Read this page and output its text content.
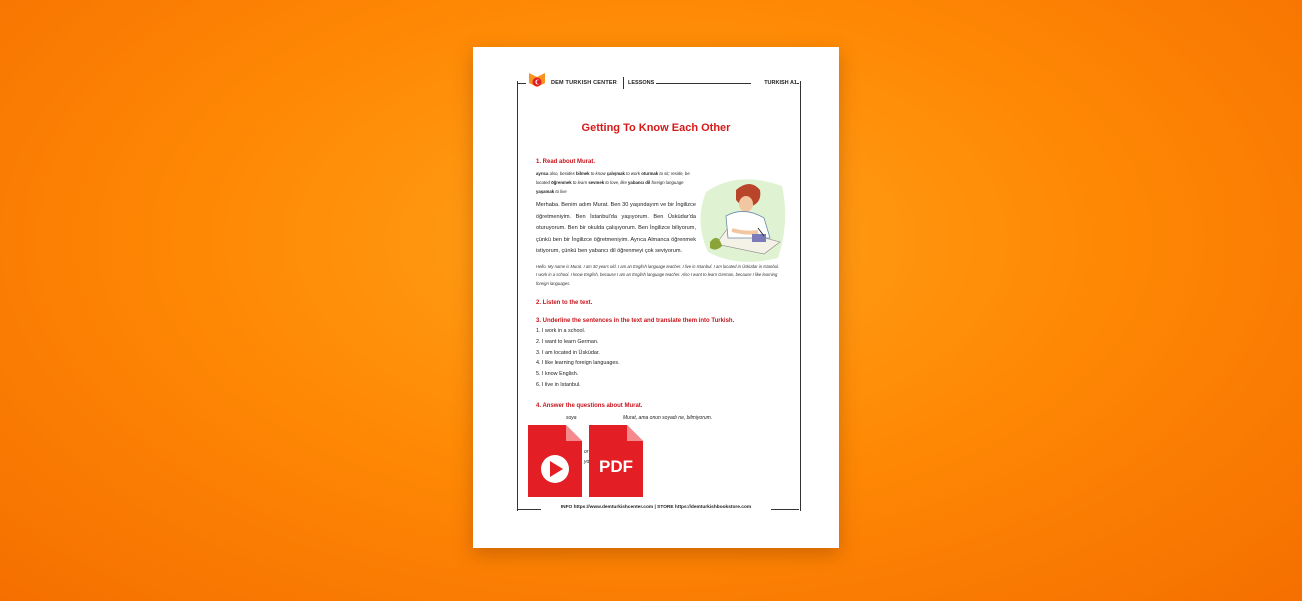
DEM TURKISH CENTER LESSONS	TURKISH A1
Getting To Know Each Other
1. Read about Murat.
ayrıca also, besides bilmek to know çalışmak to work oturmak to sit; reside, be located öğrenmek to learn sevmek to love, like yabancı dil foreign language yaşamak to live
Merhaba. Benim adım Murat. Ben 30 yaşındayım ve bir İngilizce öğretmeniyim. Ben İstanbul'da yaşıyorum. Ben Üsküdar'da oturuyorum. Ben bir okulda çalışıyorum. Ben İngilizce biliyorum, çünkü ben bir İngilizce öğretmeniyim. Ayrıca Almanca öğrenmek istiyorum, çünkü ben yabancı dil öğrenmeyi çok seviyorum.
Hello. My name is Murat. I am 30 years old. I am an English language teacher. I live in Istanbul. I am located in Üsküdar in Istanbul. I work in a school. I know English, because I am an English language teacher. Also I want to learn German, because I like learning foreign languages.
2. Listen to the text.
3. Underline the sentences in the text and translate them into Turkish.
1. I work in a school.
2. I want to learn German.
3. I am located in Üsküdar.
4. I like learning foreign languages.
5. I know English.
6. I live in Istanbul.
4. Answer the questions about Murat.
soya	Murat, ama onun soyadı ne, bilmiyorum.
or
yo
INFO https://www.demturkishcenter.com | STORE https://demturkishbookstore.com
PDF
